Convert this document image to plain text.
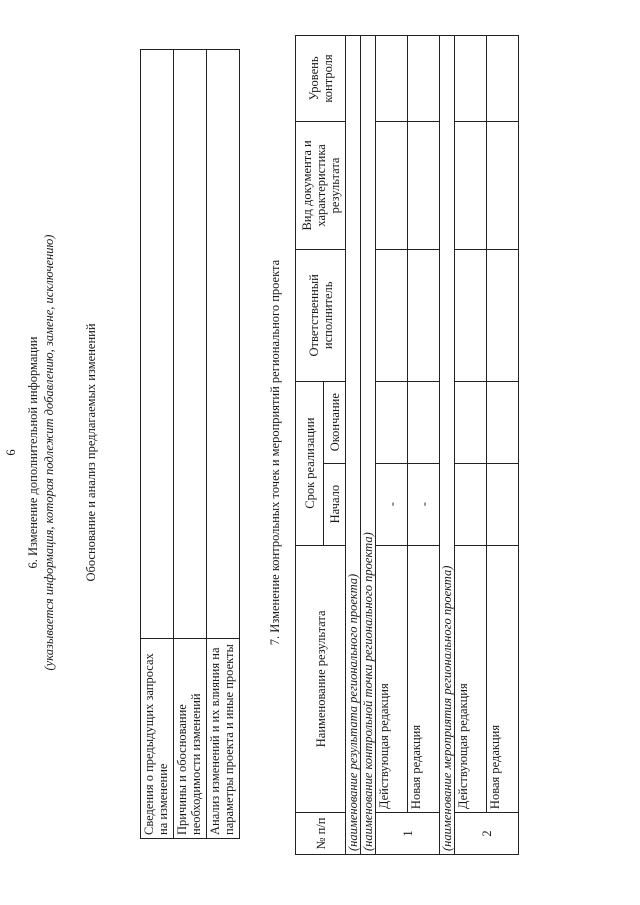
6 6. Изменение дополнительной информации (указывается информация, которая подлежит добавлению, замене, исключению) Обоснование и анализ предлагаемых изменений
Сведения о предыдущих запросах на изменение	
Причины и обоснование необходимости изменений	
Анализ изменений и их влияния на параметры проекта и иные проекты	
7. Изменение контрольных точек и мероприятий регионального проекта
№ п/п	Наименование результата	Срок реализации		Ответственный исполнитель	Вид документа и характеристика результата	Уровень контроля
		Начало	Окончание			
(наименование результата регионального проекта)						
(наименование контрольной точки регионального проекта)						
1	Действующая редакция	-				
	Новая редакция	-				
(наименование мероприятия регионального проекта)						
2	Действующая редакция					
	Новая редакция					
